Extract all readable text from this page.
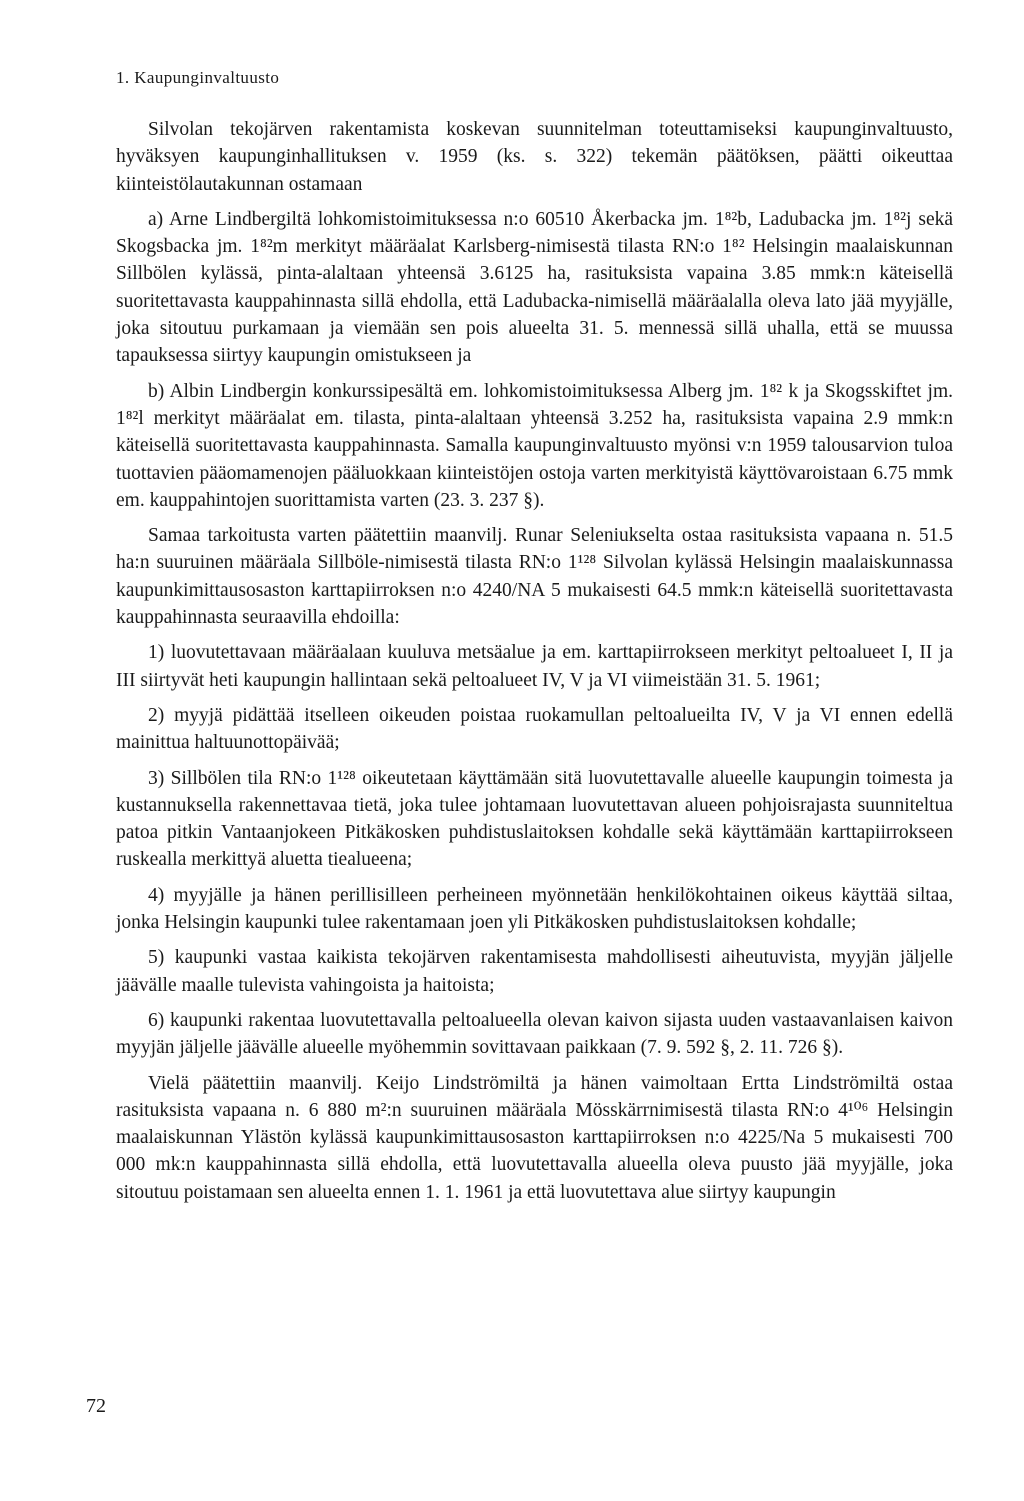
1. Kaupunginvaltuusto

Silvolan tekojärven rakentamista koskevan suunnitelman toteuttamiseksi kaupunginvaltuusto, hyväksyen kaupunginhallituksen v. 1959 (ks. s. 322) tekemän päätöksen, päätti oikeuttaa kiinteistölautakunnan ostamaan

a) Arne Lindbergiltä lohkomistoimituksessa n:o 60510 Åkerbacka jm. 1⁸²b, Ladubacka jm. 1⁸²j sekä Skogsbacka jm. 1⁸²m merkityt määräalat Karlsberg-nimisestä tilasta RN:o 1⁸² Helsingin maalaiskunnan Sillbölen kylässä, pinta-alaltaan yhteensä 3.6125 ha, rasituksista vapaina 3.85 mmk:n käteisellä suoritettavasta kauppahinnasta sillä ehdolla, että Ladubacka-nimisellä määräalalla oleva lato jää myyjälle, joka sitoutuu purkamaan ja viemään sen pois alueelta 31. 5. mennessä sillä uhalla, että se muussa tapauksessa siirtyy kaupungin omistukseen ja

b) Albin Lindbergin konkurssipesältä em. lohkomistoimituksessa Alberg jm. 1⁸² k ja Skogsskiftet jm. 1⁸²l merkityt määräalat em. tilasta, pinta-alaltaan yhteensä 3.252 ha, rasituksista vapaina 2.9 mmk:n käteisellä suoritettavasta kauppahinnasta. Samalla kaupunginvaltuusto myönsi v:n 1959 talousarvion tuloa tuottavien pääomamenojen pääluokkaan kiinteistöjen ostoja varten merkityistä käyttövaroistaan 6.75 mmk em. kauppahintojen suorittamista varten (23. 3. 237 §).

Samaa tarkoitusta varten päätettiin maanvilj. Runar Seleniukselta ostaa rasituksista vapaana n. 51.5 ha:n suuruinen määräala Sillböle-nimisestä tilasta RN:o 1¹²⁸ Silvolan kylässä Helsingin maalaiskunnassa kaupunkimittausosaston karttapiirroksen n:o 4240/NA 5 mukaisesti 64.5 mmk:n käteisellä suoritettavasta kauppahinnasta seuraavilla ehdoilla:

1) luovutettavaan määräalaan kuuluva metsäalue ja em. karttapiirrokseen merkityt peltoalueet I, II ja III siirtyvät heti kaupungin hallintaan sekä peltoalueet IV, V ja VI viimeistään 31. 5. 1961;

2) myyjä pidättää itselleen oikeuden poistaa ruokamullan peltoalueilta IV, V ja VI ennen edellä mainittua haltuunottopäivää;

3) Sillbölen tila RN:o 1¹²⁸ oikeutetaan käyttämään sitä luovutettavalle alueelle kaupungin toimesta ja kustannuksella rakennettavaa tietä, joka tulee johtamaan luovutettavan alueen pohjoisrajasta suunniteltua patoa pitkin Vantaanjokeen Pitkäkosken puhdistuslaitoksen kohdalle sekä käyttämään karttapiirrokseen ruskealla merkittyä aluetta tiealueena;

4) myyjälle ja hänen perillisilleen perheineen myönnetään henkilökohtainen oikeus käyttää siltaa, jonka Helsingin kaupunki tulee rakentamaan joen yli Pitkäkosken puhdistuslaitoksen kohdalle;

5) kaupunki vastaa kaikista tekojärven rakentamisesta mahdollisesti aiheutuvista, myyjän jäljelle jäävälle maalle tulevista vahingoista ja haitoista;

6) kaupunki rakentaa luovutettavalla peltoalueella olevan kaivon sijasta uuden vastaavanlaisen kaivon myyjän jäljelle jäävälle alueelle myöhemmin sovittavaan paikkaan (7. 9. 592 §, 2. 11. 726 §).

Vielä päätettiin maanvilj. Keijo Lindströmiltä ja hänen vaimoltaan Ertta Lindströmiltä ostaa rasituksista vapaana n. 6 880 m²:n suuruinen määräala Mösskärrnimisestä tilasta RN:o 4¹⁰⁶ Helsingin maalaiskunnan Ylästön kylässä kaupunkimittausosaston karttapiirroksen n:o 4225/Na 5 mukaisesti 700 000 mk:n kauppahinnasta sillä ehdolla, että luovutettavalla alueella oleva puusto jää myyjälle, joka sitoutuu poistamaan sen alueelta ennen 1. 1. 1961 ja että luovutettava alue siirtyy kaupungin

72
